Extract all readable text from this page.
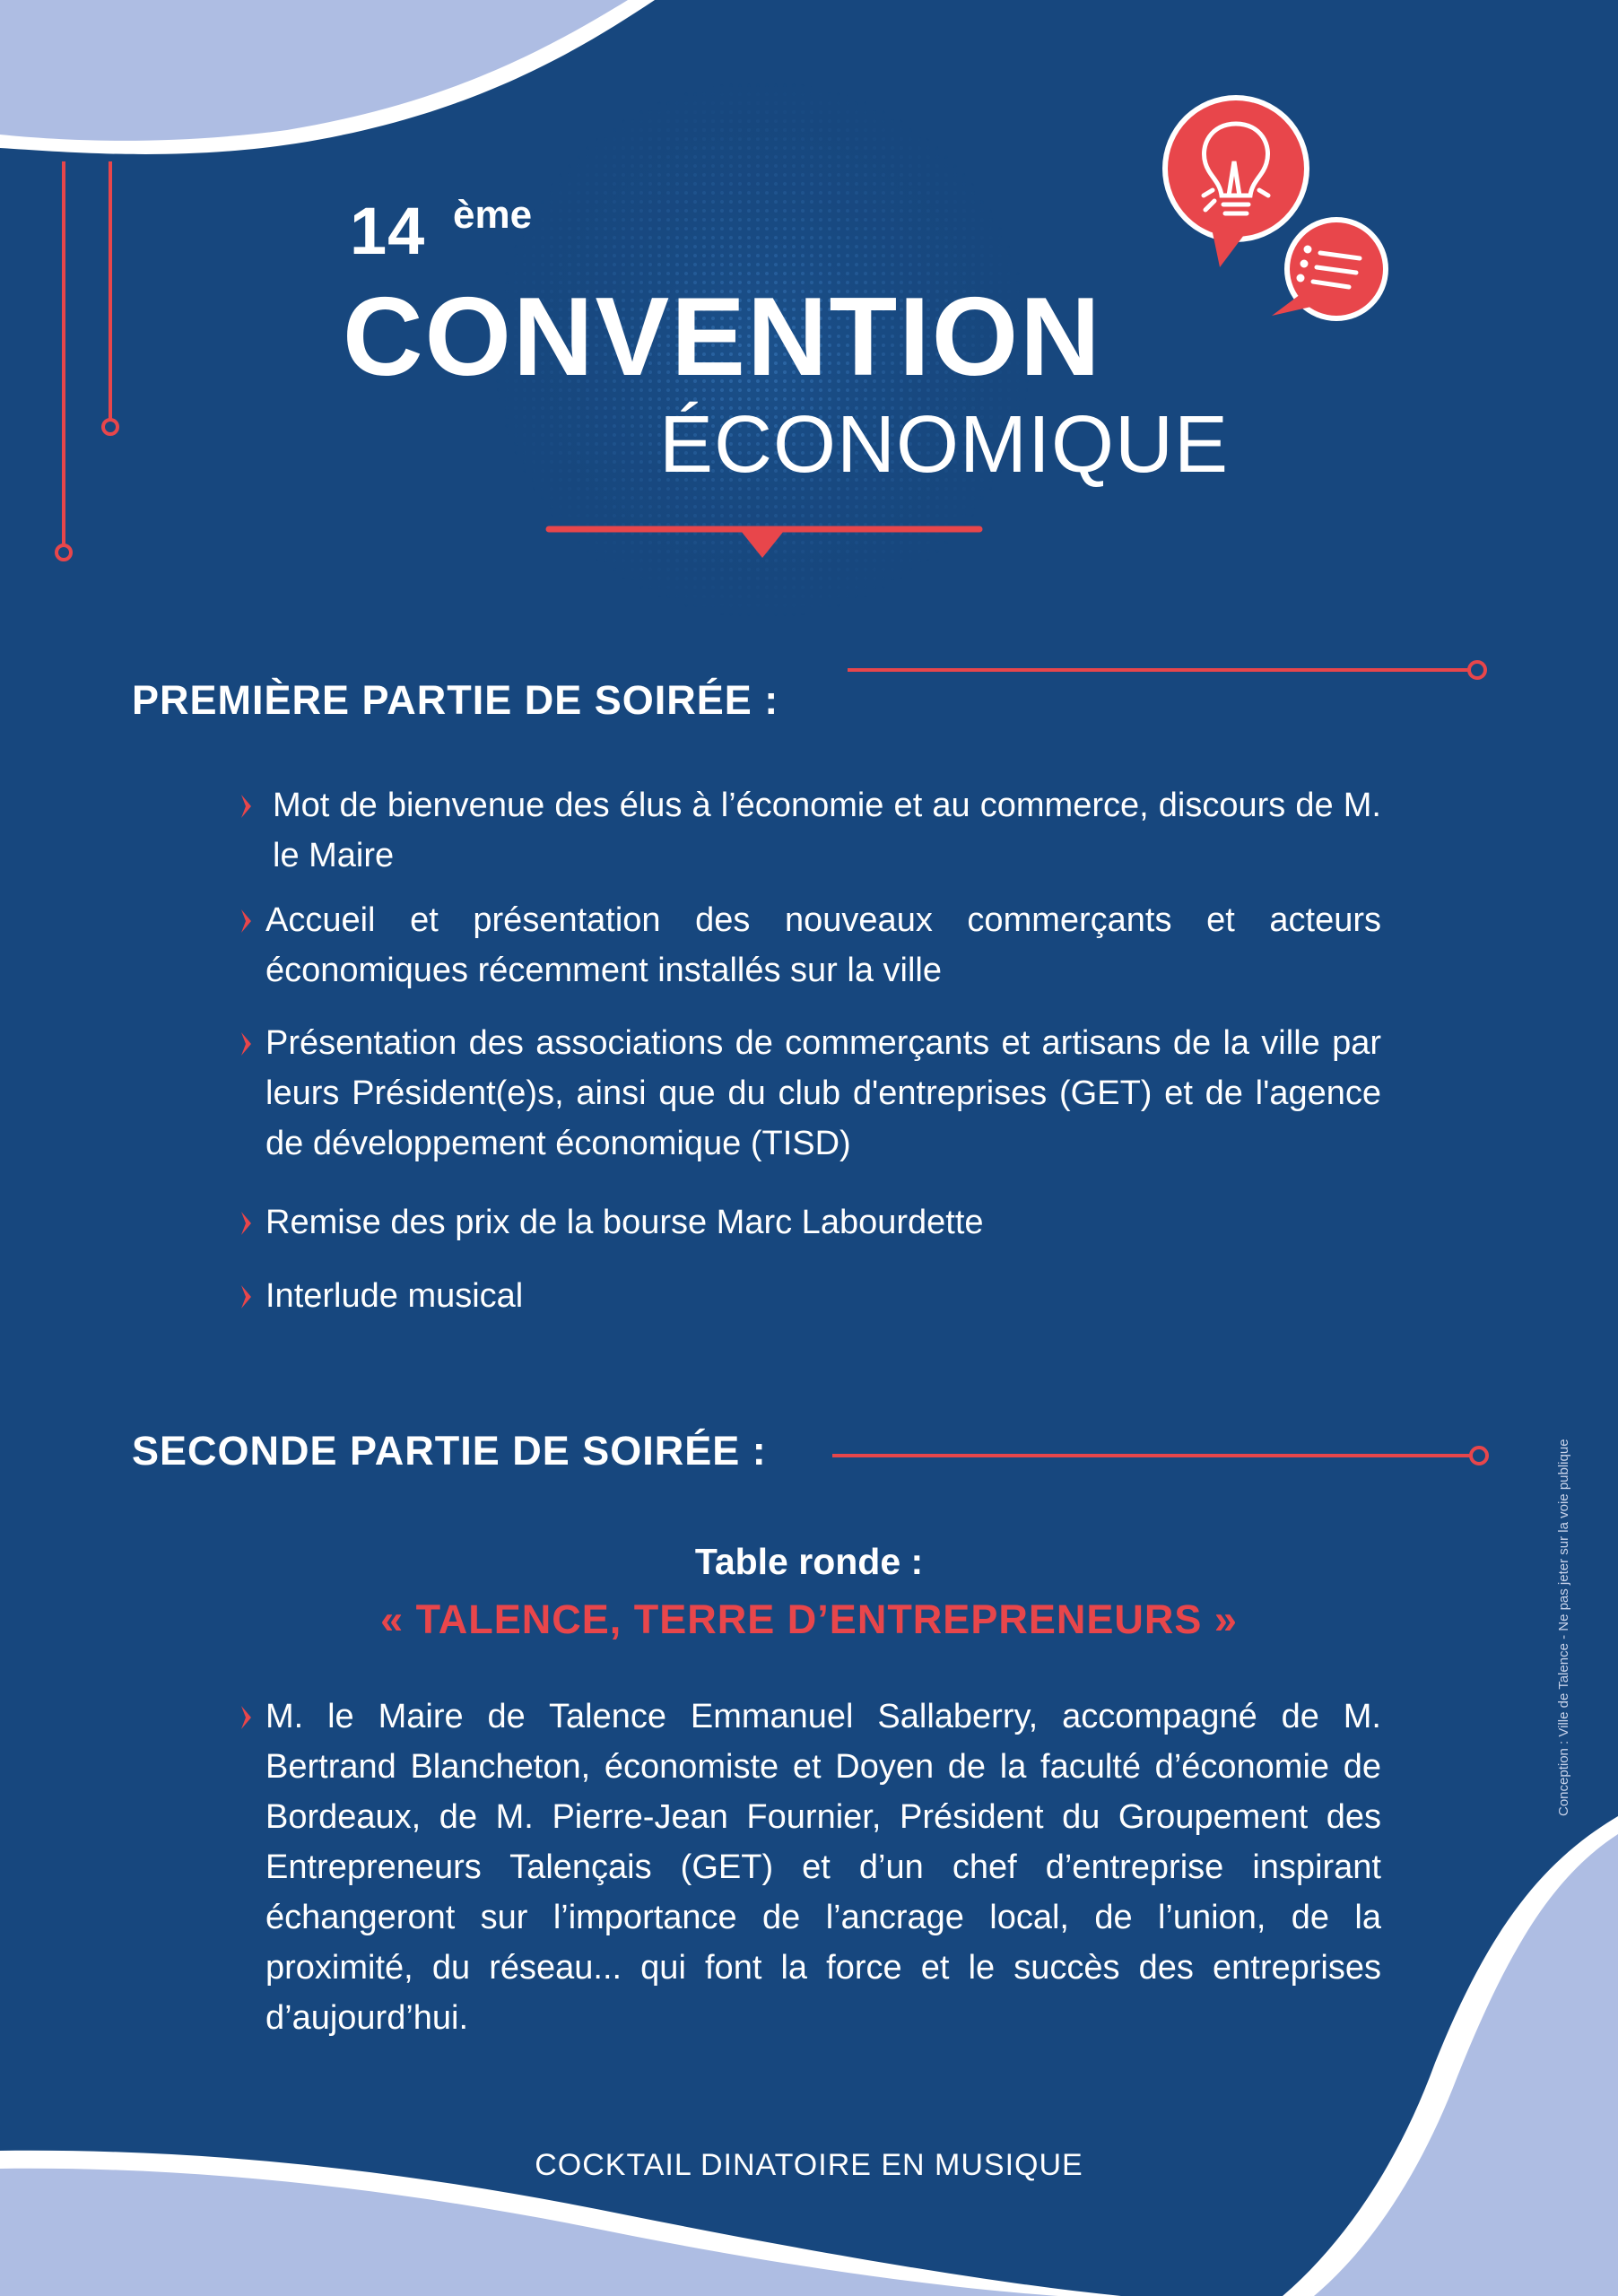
14 ème
CONVENTION
ÉCONOMIQUE
PREMIÈRE PARTIE DE SOIRÉE :
Mot de bienvenue des élus à l’économie et au commerce, discours de M. le Maire
Accueil et présentation des nouveaux commerçants et acteurs économiques récemment installés sur la ville
Présentation des associations de commerçants et artisans de la ville par leurs Président(e)s, ainsi que du club d'entreprises (GET) et de l'agence de développement économique (TISD)
Remise des prix de la bourse Marc Labourdette
Interlude musical
SECONDE PARTIE DE SOIRÉE :
Table ronde :
« TALENCE, TERRE D’ENTREPRENEURS »
M. le Maire de Talence Emmanuel Sallaberry, accompagné de M. Bertrand Blancheton, économiste et Doyen de la faculté d’économie de Bordeaux, de M. Pierre-Jean Fournier, Président du Groupement des Entrepreneurs Talençais (GET) et d’un chef d’entreprise inspirant échangeront sur l’importance de l’ancrage local, de l’union, de la proximité, du réseau... qui font la force et le succès des entreprises d’aujourd’hui.
COCKTAIL DINATOIRE EN MUSIQUE
Conception : Ville de Talence - Ne pas jeter sur la voie publique
